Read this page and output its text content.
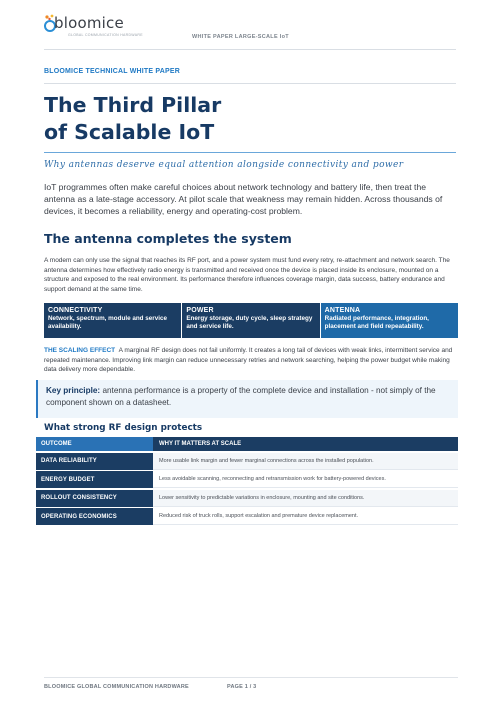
bloomice
GLOBAL COMMUNICATION HARDWARE	WHITE PAPER LARGE-SCALE IoT
BLOOMICE TECHNICAL WHITE PAPER
The Third Pillar
of Scalable IoT
Why antennas deserve equal attention alongside connectivity and power

IoT programmes often make careful choices about network technology and battery life, then treat the antenna as a late-stage accessory. At pilot scale that weakness may remain hidden. Across thousands of devices, it becomes a reliability, energy and operating-cost problem.

The antenna completes the system

A modem can only use the signal that reaches its RF port, and a power system must fund every retry, re-attachment and network search. The antenna determines how effectively radio energy is transmitted and received once the device is placed inside its enclosure, mounted on a structure and exposed to the real environment. Its performance therefore influences coverage margin, data success, battery endurance and support demand at the same time.

CONNECTIVITY
Network, spectrum, module and service availability.
POWER
Energy storage, duty cycle, sleep strategy and service life.
ANTENNA
Radiated performance, integration, placement and field repeatability.

THE SCALING EFFECT A marginal RF design does not fail uniformly. It creates a long tail of devices with weak links, intermittent service and repeated maintenance. Improving link margin can reduce unnecessary retries and network searching, helping the power budget while making data delivery more dependable.

Key principle: antenna performance is a property of the complete device and installation - not simply of the component shown on a datasheet.
What strong RF design protects
OUTCOME	WHY IT MATTERS AT SCALE
DATA RELIABILITY	More usable link margin and fewer marginal connections across the installed population.
ENERGY BUDGET	Less avoidable scanning, reconnecting and retransmission work for battery-powered devices.
ROLLOUT CONSISTENCY	Lower sensitivity to predictable variations in enclosure, mounting and site conditions.
OPERATING ECONOMICS	Reduced risk of truck rolls, support escalation and premature device replacement.
BLOOMICE GLOBAL COMMUNICATION HARDWARE	PAGE 1 / 3
